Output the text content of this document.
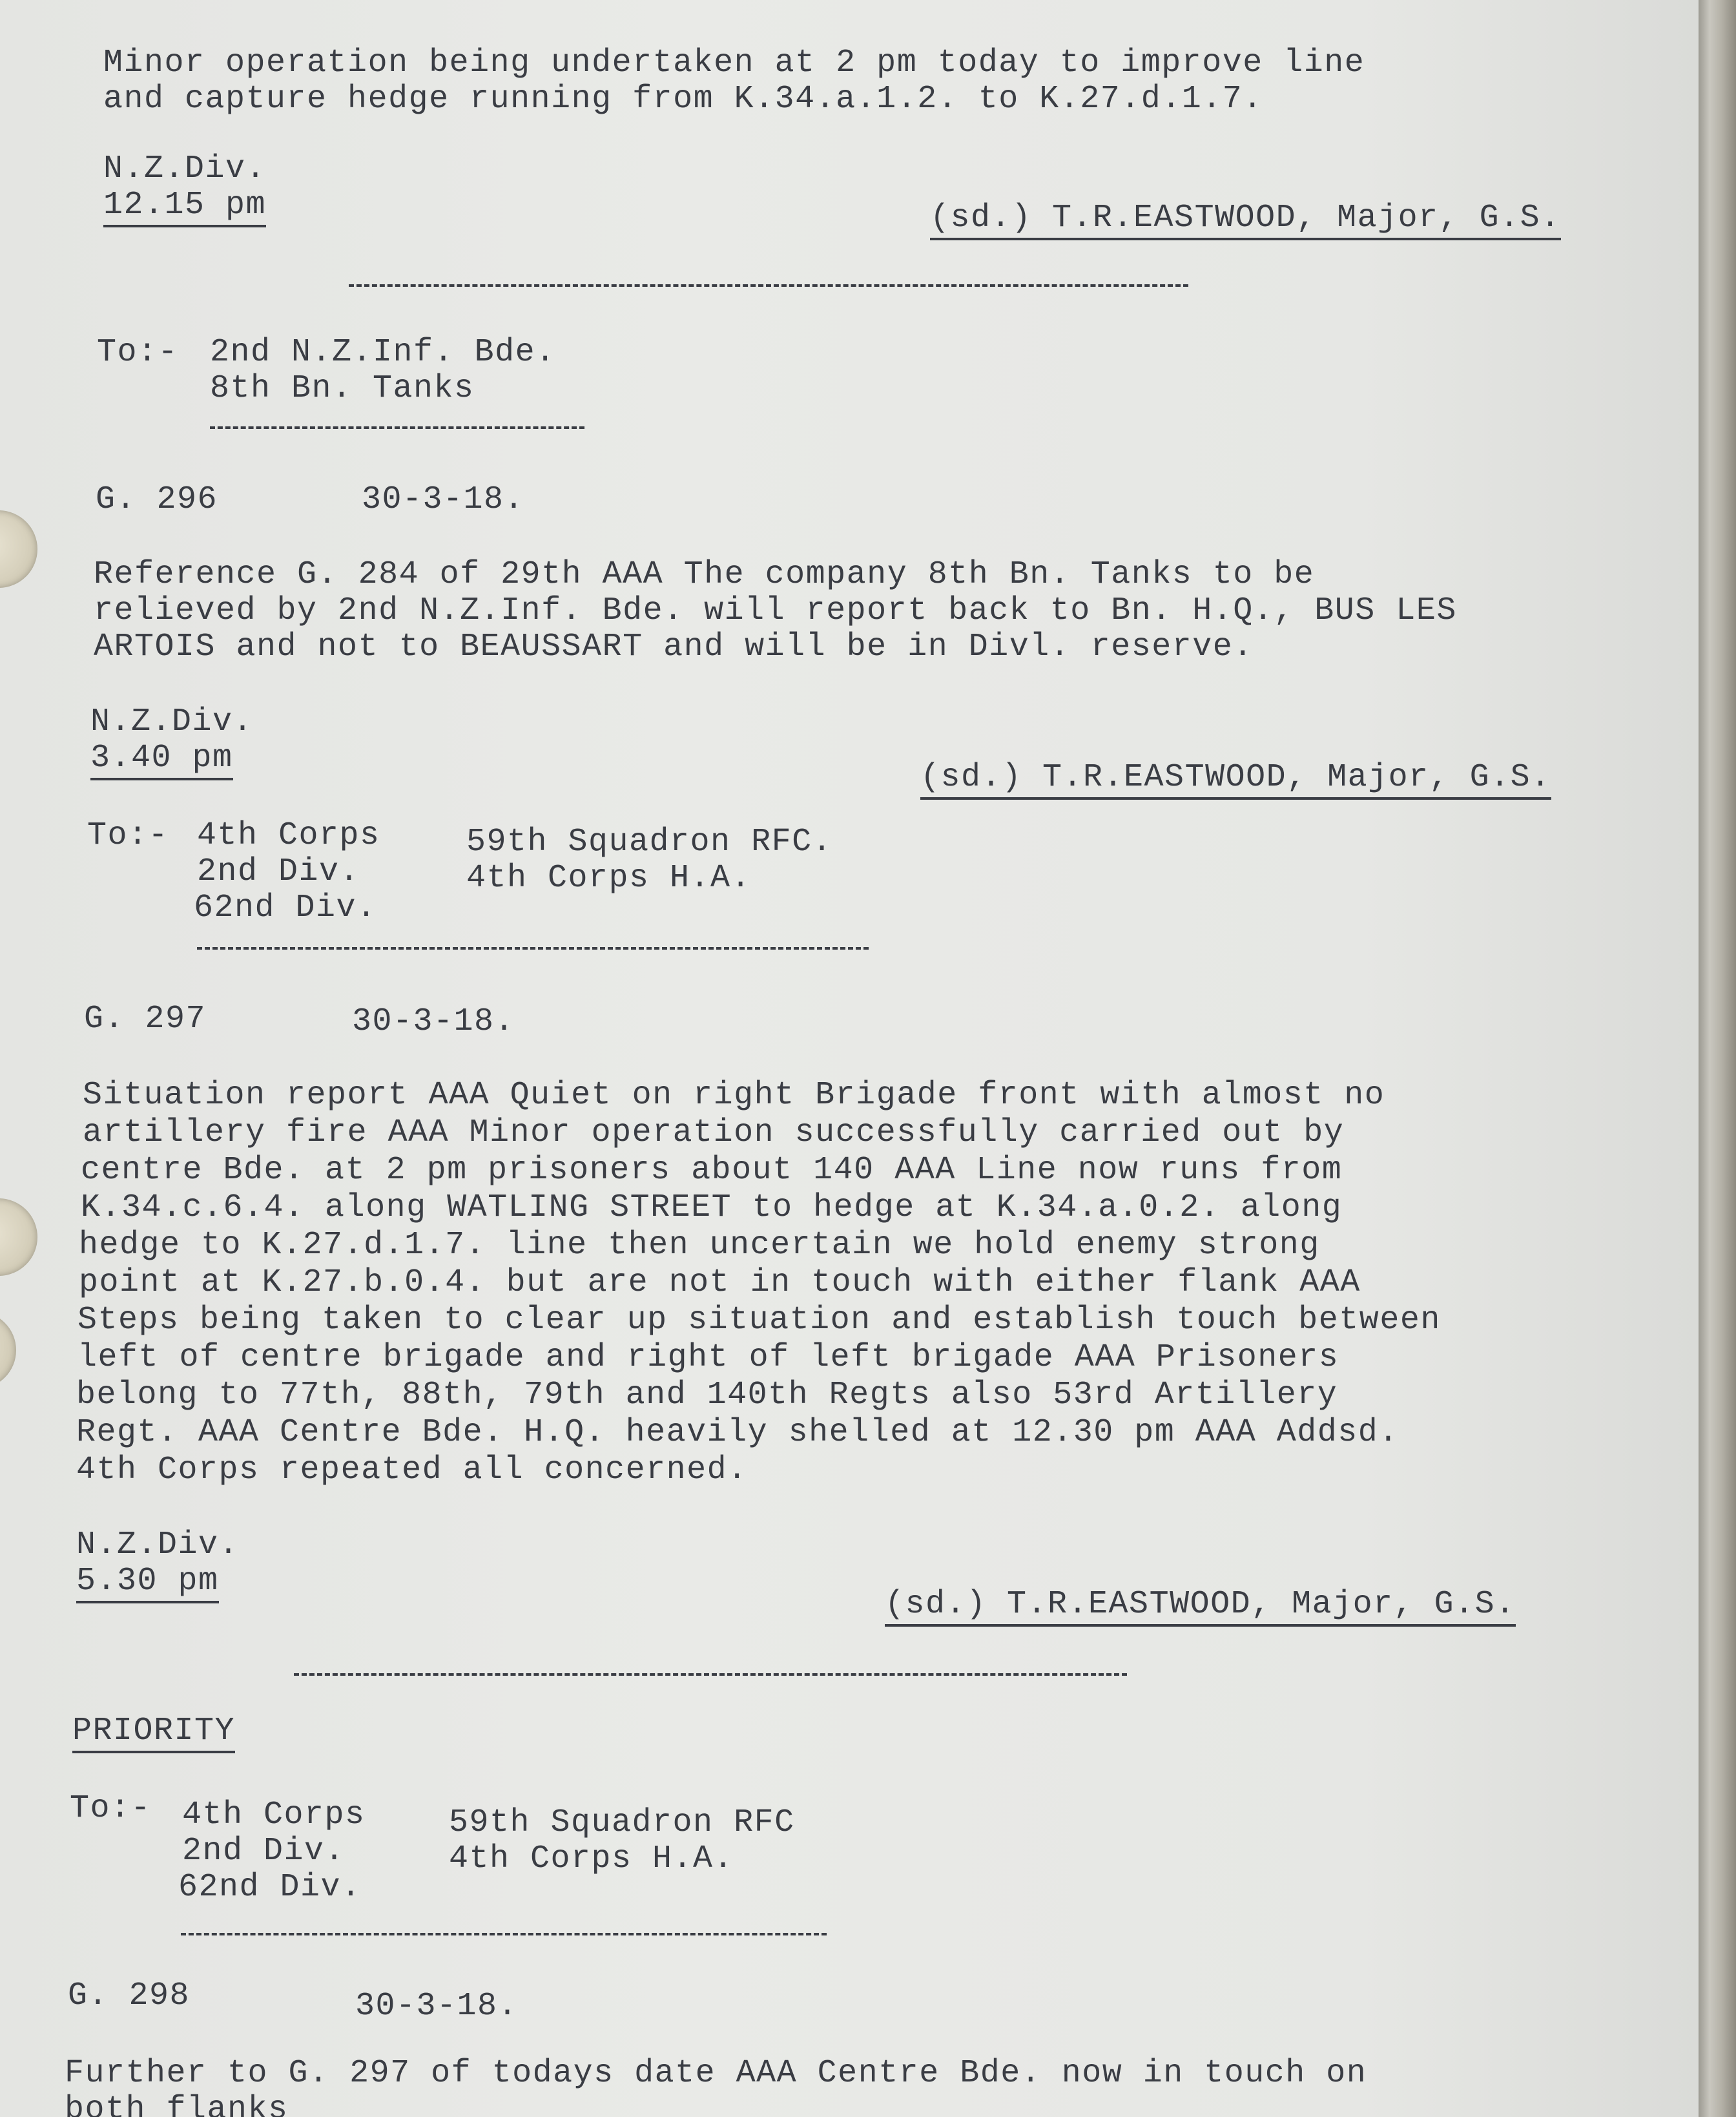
Minor operation being undertaken at 2 pm today to improve line
and capture hedge running from K.34.a.1.2. to K.27.d.1.7.
N.Z.Div.
12.15 pm	(sd.) T.R.EASTWOOD, Major, G.S.
To:- 2nd N.Z.Inf. Bde.
8th Bn. Tanks
G. 296	30-3-18.
Reference G. 284 of 29th AAA The company 8th Bn. Tanks to be
relieved by 2nd N.Z.Inf. Bde. will report back to Bn. H.Q., BUS LES
ARTOIS and not to BEAUSSART and will be in Divl. reserve.
N.Z.Div.
3.40 pm
(sd.) T.R.EASTWOOD, Major, G.S.
To:- 4th Corps
2nd Div.
62nd Div.
59th Squadron RFC.
4th Corps H.A.
G. 297	30-3-18.
Situation report AAA Quiet on right Brigade front with almost no
artillery fire AAA Minor operation successfully carried out by
centre Bde. at 2 pm prisoners about 140 AAA Line now runs from
K.34.c.6.4. along WATLING STREET to hedge at K.34.a.0.2. along
hedge to K.27.d.1.7. line then uncertain we hold enemy strong
point at K.27.b.0.4. but are not in touch with either flank AAA
Steps being taken to clear up situation and establish touch between
left of centre brigade and right of left brigade AAA Prisoners
belong to 77th, 88th, 79th and 140th Regts also 53rd Artillery
Regt. AAA Centre Bde. H.Q. heavily shelled at 12.30 pm AAA Addsd.
4th Corps repeated all concerned.
N.Z.Div.
5.30 pm
(sd.) T.R.EASTWOOD, Major, G.S.
PRIORITY
To:- 4th Corps
2nd Div.
62nd Div.
59th Squadron RFC
4th Corps H.A.
G. 298	30-3-18.
Further to G. 297 of todays date AAA Centre Bde. now in touch on
both flanks
